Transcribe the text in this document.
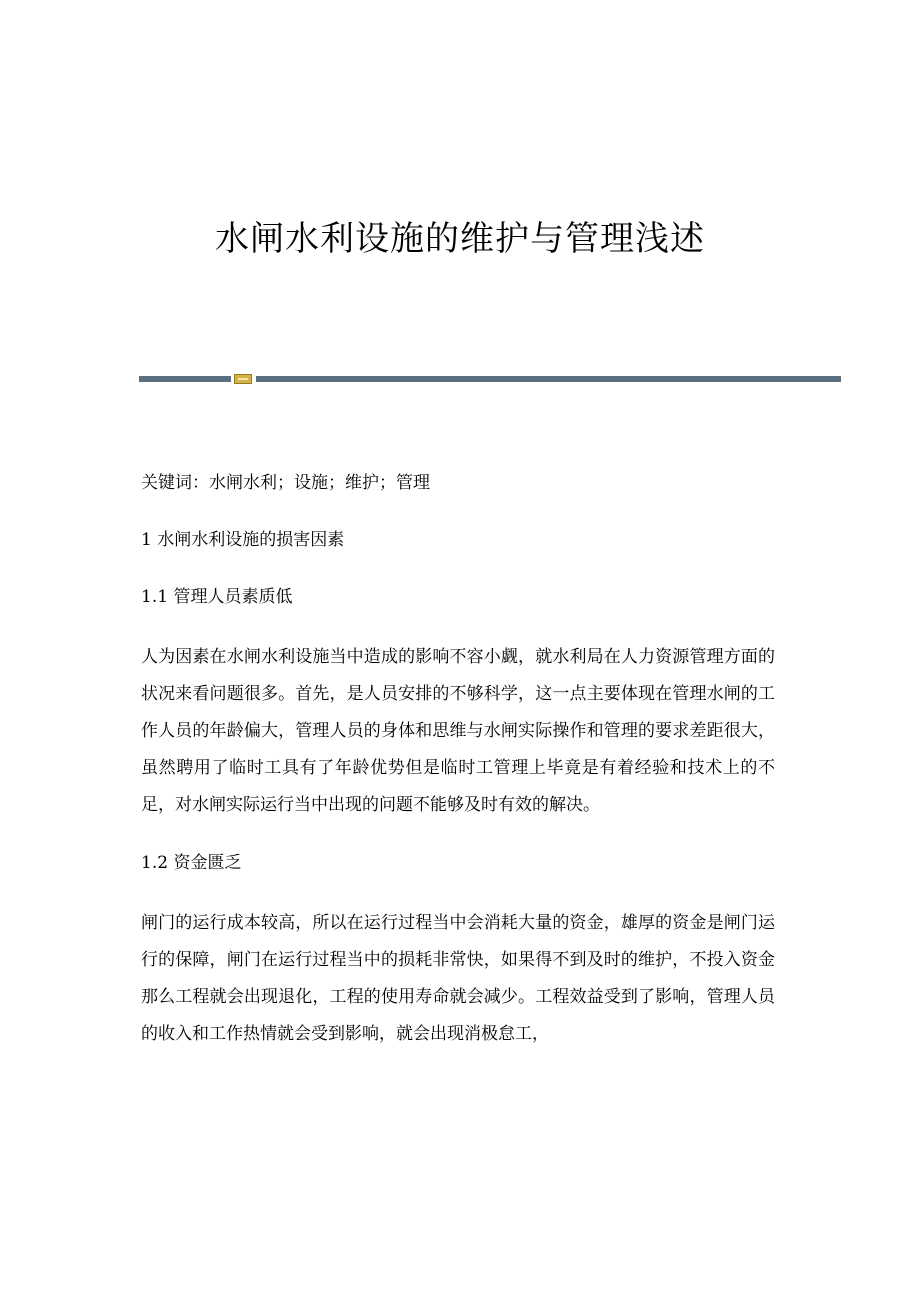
水闸水利设施的维护与管理浅述

关键词：水闸水利；设施；维护；管理

1 水闸水利设施的损害因素

1.1 管理人员素质低

人为因素在水闸水利设施当中造成的影响不容小觑，就水利局在人力资源管理方面的状况来看问题很多。首先，是人员安排的不够科学，这一点主要体现在管理水闸的工作人员的年龄偏大，管理人员的身体和思维与水闸实际操作和管理的要求差距很大，虽然聘用了临时工具有了年龄优势但是临时工管理上毕竟是有着经验和技术上的不足，对水闸实际运行当中出现的问题不能够及时有效的解决。

1.2 资金匮乏

闸门的运行成本较高，所以在运行过程当中会消耗大量的资金，雄厚的资金是闸门运行的保障，闸门在运行过程当中的损耗非常快，如果得不到及时的维护，不投入资金那么工程就会出现退化，工程的使用寿命就会减少。工程效益受到了影响，管理人员的收入和工作热情就会受到影响，就会出现消极怠工，
